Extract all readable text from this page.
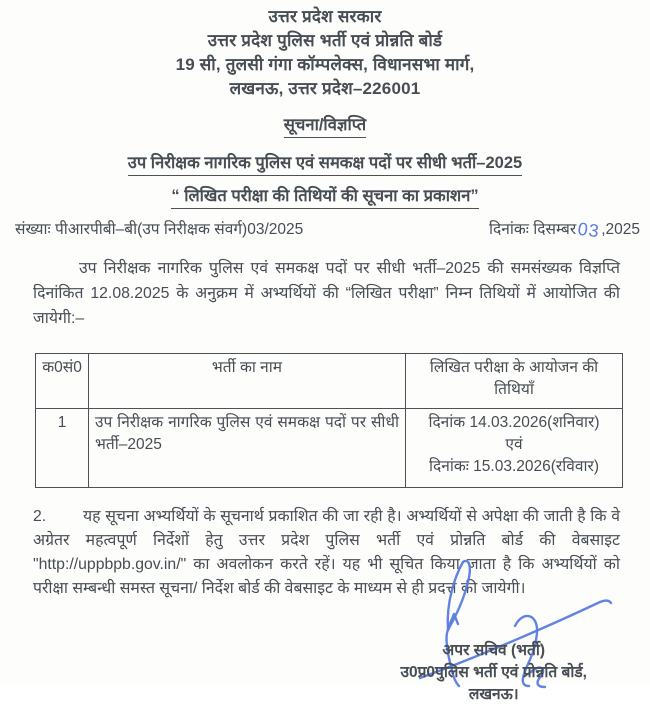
उत्तर प्रदेश सरकार
उत्तर प्रदेश पुलिस भर्ती एवं प्रोन्नति बोर्ड
19 सी, तुलसी गंगा कॉम्पलेक्स, विधानसभा मार्ग,
लखनऊ, उत्तर प्रदेश–226001
सूचना/विज्ञप्ति
उप निरीक्षक नागरिक पुलिस एवं समकक्ष पदों पर सीधी भर्ती–2025
“ लिखित परीक्षा की तिथियों की सूचना का प्रकाशन”
संख्याः पीआरपीबी–बी(उप निरीक्षक संवर्ग)03/2025	दिनांकः दिसम्बर03,2025
उप निरीक्षक नागरिक पुलिस एवं समकक्ष पदों पर सीधी भर्ती–2025 की समसंख्यक विज्ञप्ति दिनांकित 12.08.2025 के अनुक्रम में अभ्यर्थियों की “लिखित परीक्षा” निम्न तिथियों में आयोजित की जायेगी:–
क0सं0	भर्ती का नाम	लिखित परीक्षा के आयोजन की तिथियाँ
1	उप निरीक्षक नागरिक पुलिस एवं समकक्ष पदों पर सीधी भर्ती–2025	दिनांक 14.03.2026(शनिवार)
एवं
दिनांकः 15.03.2026(रविवार)
2. यह सूचना अभ्यर्थियों के सूचनार्थ प्रकाशित की जा रही है। अभ्यर्थियों से अपेक्षा की जाती है कि वे अग्रेतर महत्वपूर्ण निर्देशों हेतु उत्तर प्रदेश पुलिस भर्ती एवं प्रोन्नति बोर्ड की वेबसाइट "http://uppbpb.gov.in/" का अवलोकन करते रहें। यह भी सूचित किया जाता है कि अभ्यर्थियों को परीक्षा सम्बन्धी समस्त सूचना/ निर्देश बोर्ड की वेबसाइट के माध्यम से ही प्रदत्त की जायेगी।
अपर सचिव (भर्ती)
उ0प्र0पुलिस भर्ती एवं प्रोन्नति बोर्ड,
लखनऊ।
